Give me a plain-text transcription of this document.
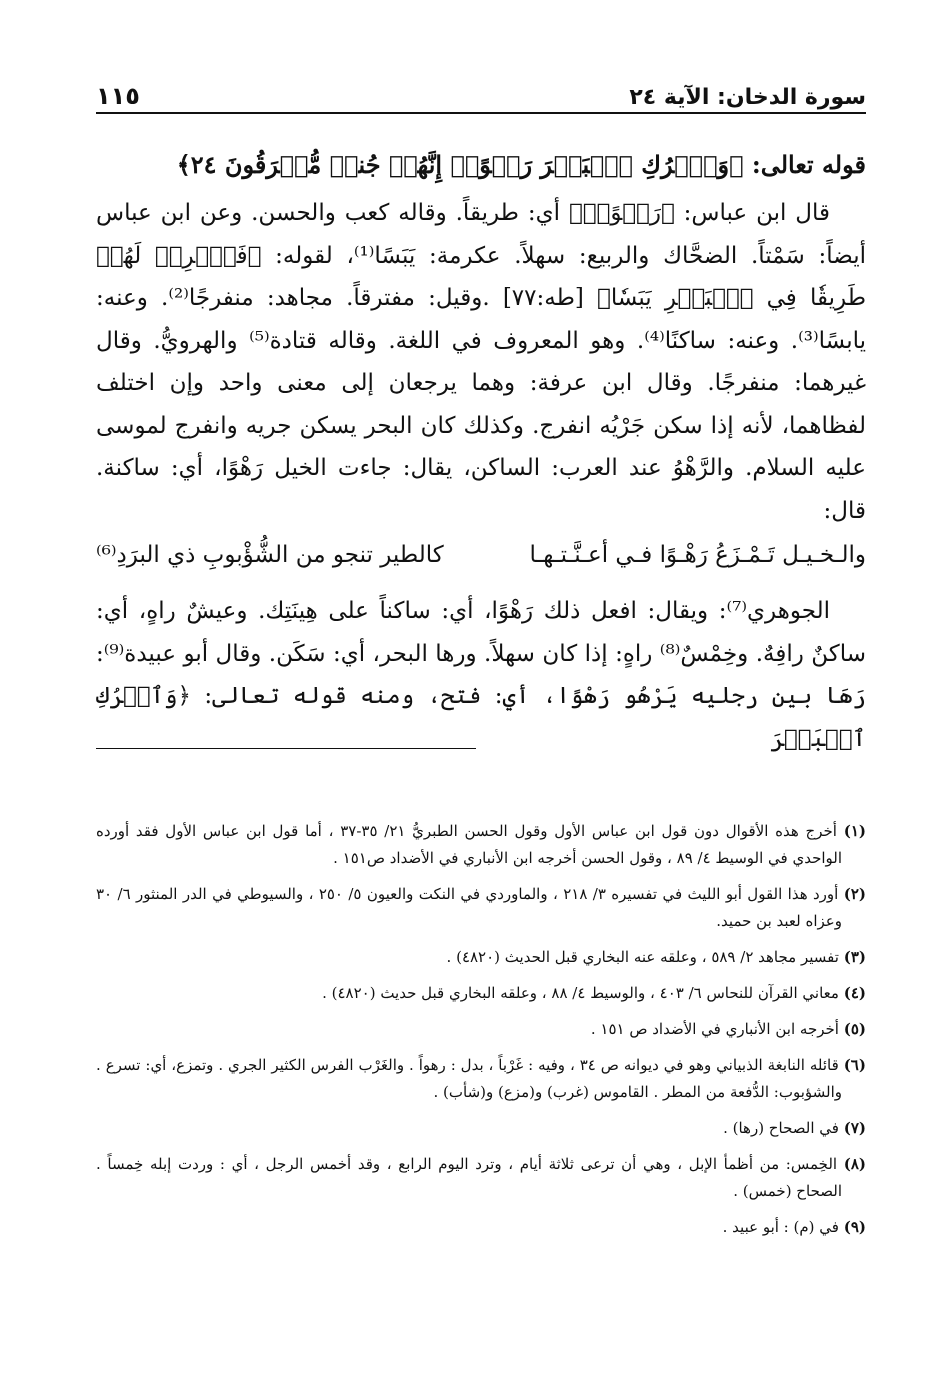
سورة الدخان: الآية ٢٤
١١٥
قوله تعالى: ﴿وَٱتۡرُكِ ٱلۡبَحۡرَ رَهۡوًاۖ إِنَّهُمۡ جُندٞ مُّغۡرَقُونَ ٢٤﴾

قال ابن عباس: ﴿رَهۡوًاۖ﴾ أي: طريقاً. وقاله كعب والحسن. وعن ابن عباس أيضاً: سَمْتاً. الضحَّاك والربيع: سهلاً. عكرمة: يَبَسًا⁽¹⁾، لقوله: ﴿فَٱضۡرِبۡ لَهُمۡ طَرِيقٗا فِي ٱلۡبَحۡرِ يَبَسٗا﴾ [طه:٧٧] .وقيل: مفترقاً. مجاهد: منفرجًا⁽²⁾. وعنه: يابسًا⁽³⁾. وعنه: ساكنًا⁽⁴⁾. وهو المعروف في اللغة. وقاله قتادة⁽⁵⁾ والهرويُّ. وقال غيرهما: منفرجًا. وقال ابن عرفة: وهما يرجعان إلى معنى واحد وإن اختلف لفظاهما، لأنه إذا سكن جَرْيُه انفرج. وكذلك كان البحر يسكن جريه وانفرج لموسى عليه السلام. والرَّهْوُ عند العرب: الساكن، يقال: جاءت الخيل رَهْوًا، أي: ساكنة. قال:

والـخـيـل تَـمْـزَعُ رَهْـوًا فـي أعـنَّـتـهـا
كالطير تنجو من الشُّؤْبوبِ ذي البرَدِ⁽⁶⁾

الجوهري⁽⁷⁾: ويقال: افعل ذلك رَهْوًا، أي: ساكناً على هِينَتِك. وعيشٌ راهٍ، أي: ساكنٌ رافِهٌ. وخِمْسٌ⁽⁸⁾ راهٍ: إذا كان سهلاً. ورها البحر، أي: سَكَن. وقال أبو عبيدة⁽⁹⁾: رَهَا بين رجليه يَرْهُو رَهْوًا، أي: فتح، ومنه قوله تعالى: ﴿وَٱتۡرُكِ ٱلۡبَحۡرَ

(١) أخرج هذه الأقوال دون قول ابن عباس الأول وقول الحسن الطبريُّ ٢١/ ٣٥-٣٧ ، أما قول ابن عباس الأول فقد أورده الواحدي في الوسيط ٤/ ٨٩ ، وقول الحسن أخرجه ابن الأنباري في الأضداد ص١٥١ .

(٢) أورد هذا القول أبو الليث في تفسيره ٣/ ٢١٨ ، والماوردي في النكت والعيون ٥/ ٢٥٠ ، والسيوطي في الدر المنثور ٦/ ٣٠ وعزاه لعبد بن حميد.

(٣) تفسير مجاهد ٢/ ٥٨٩ ، وعلقه عنه البخاري قبل الحديث (٤٨٢٠) .

(٤) معاني القرآن للنحاس ٦/ ٤٠٣ ، والوسيط ٤/ ٨٨ ، وعلقه البخاري قبل حديث (٤٨٢٠) .

(٥) أخرجه ابن الأنباري في الأضداد ص ١٥١ .

(٦) قائله النابغة الذبياني وهو في ديوانه ص ٣٤ ، وفيه : غَرْباً ، بدل : رهواً . والغَرْب الفرس الكثير الجري . وتمزع، أي: تسرع . والشؤبوب: الدُّفعة من المطر . القاموس (غرب) و(مزع) و(شأب) .

(٧) في الصحاح (رها) .

(٨) الخِمس: من أظمأ الإبل ، وهي أن ترعى ثلاثة أيام ، وترد اليوم الرابع ، وقد أخمس الرجل ، أي : وردت إبله خِمساً . الصحاح (خمس) .

(٩) في (م) : أبو عبيد .
